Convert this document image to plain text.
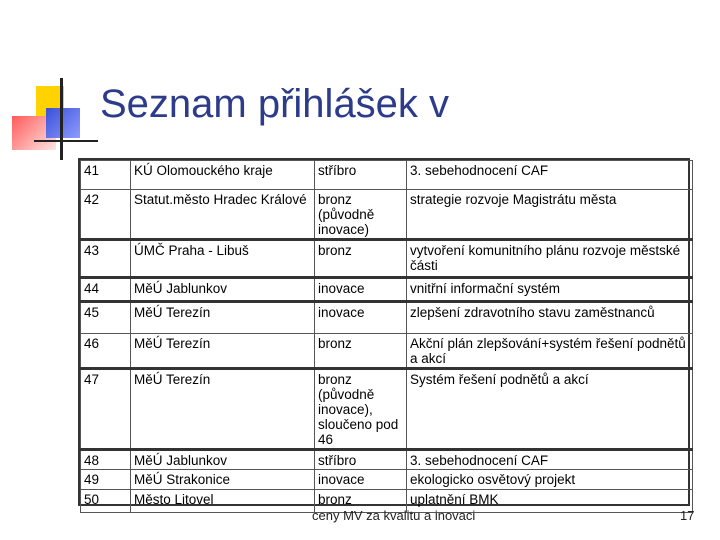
Seznam přihlášek v
41	KÚ Olomouckého kraje	stříbro	3. sebehodnocení CAF
42	Statut.město Hradec Králové	bronz (původně inovace)	strategie rozvoje Magistrátu města
43	ÚMČ Praha - Libuš	bronz	vytvoření komunitního plánu rozvoje městské části
44	MěÚ Jablunkov	inovace	vnitřní informační systém
45	MěÚ Terezín	inovace	zlepšení zdravotního stavu zaměstnanců
46	MěÚ Terezín	bronz	Akční plán zlepšování+systém řešení podnětů a akcí
47	MěÚ Terezín	bronz (původně inovace), sloučeno pod 46	Systém řešení podnětů a akcí
48	MěÚ Jablunkov	stříbro	3. sebehodnocení CAF
49	MěÚ Strakonice	inovace	ekologicko osvětový projekt
50	Město Litovel	bronz	uplatnění BMK
ceny MV za kvalitu a inovaci	17
